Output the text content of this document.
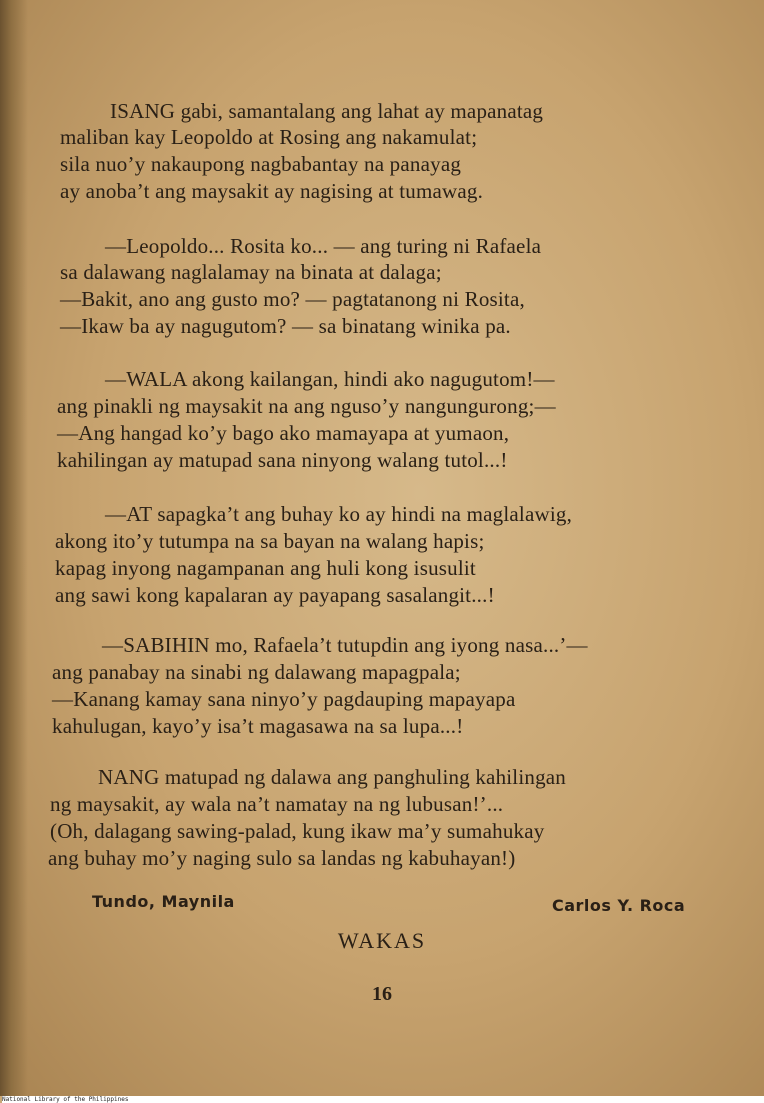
ISANG gabi, samantalang ang lahat ay mapanatag
maliban kay Leopoldo at Rosing ang nakamulat;
sila nuo’y nakaupong nagbabantay na panayag
ay anoba’t ang maysakit ay nagising at tumawag.
—Leopoldo... Rosita ko... — ang turing ni Rafaela
sa dalawang naglalamay na binata at dalaga;
—Bakit, ano ang gusto mo? — pagtatanong ni Rosita,
—Ikaw ba ay nagugutom? — sa binatang winika pa.
—WALA akong kailangan, hindi ako nagugutom!—
ang pinakli ng maysakit na ang nguso’y nangungurong;—
—Ang hangad ko’y bago ako mamayapa at yumaon,
kahilingan ay matupad sana ninyong walang tutol...!
—AT sapagka’t ang buhay ko ay hindi na maglalawig,
akong ito’y tutumpa na sa bayan na walang hapis;
kapag inyong nagampanan ang huli kong isusulit
ang sawi kong kapalaran ay payapang sasalangit...!
—SABIHIN mo, Rafaela’t tutupdin ang iyong nasa...’—
ang panabay na sinabi ng dalawang mapagpala;
—Kanang kamay sana ninyo’y pagdauping mapayapa
kahulugan, kayo’y isa’t magasawa na sa lupa...!
NANG matupad ng dalawa ang panghuling kahilingan
ng maysakit, ay wala na’t namatay na ng lubusan!’...
(Oh, dalagang sawing-palad, kung ikaw ma’y sumahukay
ang buhay mo’y naging sulo sa landas ng kabuhayan!)
Tundo, Maynila	Carlos Y. Roca
WAKAS
16
National Library of the Philippines
